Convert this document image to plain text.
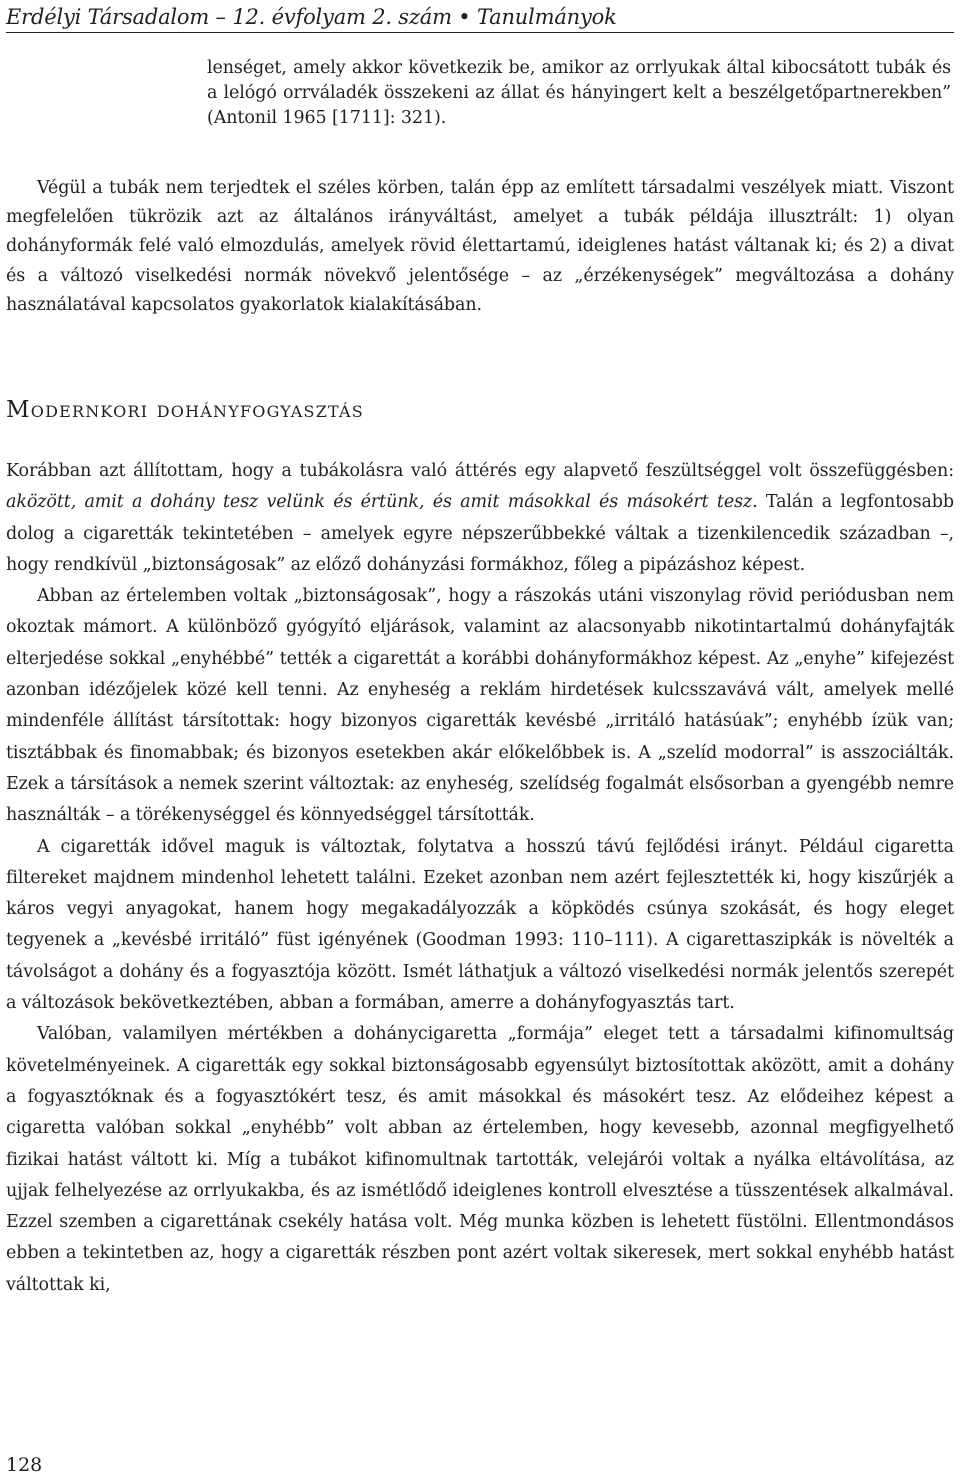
Erdélyi Társadalom – 12. évfolyam 2. szám • Tanulmányok

lenséget, amely akkor következik be, amikor az orrlyukak által kibocsátott tubák és a lelógó orrváladék összekeni az állat és hányingert kelt a beszélgetőpartnerekben” (Antonil 1965 [1711]: 321).

Végül a tubák nem terjedtek el széles körben, talán épp az említett társadalmi veszélyek miatt. Viszont megfelelően tükrözik azt az általános irányváltást, amelyet a tubák példája illusztrált: 1) olyan dohányformák felé való elmozdulás, amelyek rövid élettartamú, ideiglenes hatást váltanak ki; és 2) a divat és a változó viselkedési normák növekvő jelentősége – az „érzékenységek” megváltozása a dohány használatával kapcsolatos gyakorlatok kialakításában.

Modernkori dohányfogyasztás

Korábban azt állítottam, hogy a tubákolásra való áttérés egy alapvető feszültséggel volt összefüggésben: aközött, amit a dohány tesz velünk és értünk, és amit másokkal és másokért tesz. Talán a legfontosabb dolog a cigaretták tekintetében – amelyek egyre népszerűbbekké váltak a tizenkilencedik században –, hogy rendkívül „biztonságosak” az előző dohányzási formákhoz, főleg a pipázáshoz képest.

Abban az értelemben voltak „biztonságosak”, hogy a rászokás utáni viszonylag rövid periódusban nem okoztak mámort. A különböző gyógyító eljárások, valamint az alacsonyabb nikotintartalmú dohányfajták elterjedése sokkal „enyhébbé” tették a cigarettát a korábbi dohányformákhoz képest. Az „enyhe” kifejezést azonban idézőjelek közé kell tenni. Az enyheség a reklám hirdetések kulcsszavává vált, amelyek mellé mindenféle állítást társítottak: hogy bizonyos cigaretták kevésbé „irritáló hatásúak”; enyhébb ízük van; tisztábbak és finomabbak; és bizonyos esetekben akár előkelőbbek is. A „szelíd modorral” is asszociálták. Ezek a társítások a nemek szerint változtak: az enyheség, szelídség fogalmát elsősorban a gyengébb nemre használták – a törékenységgel és könnyedséggel társították.

A cigaretták idővel maguk is változtak, folytatva a hosszú távú fejlődési irányt. Például cigaretta filtereket majdnem mindenhol lehetett találni. Ezeket azonban nem azért fejlesztették ki, hogy kiszűrjék a káros vegyi anyagokat, hanem hogy megakadályozzák a köpködés csúnya szokását, és hogy eleget tegyenek a „kevésbé irritáló” füst igényének (Goodman 1993: 110–111). A cigarettaszipkák is növelték a távolságot a dohány és a fogyasztója között. Ismét láthatjuk a változó viselkedési normák jelentős szerepét a változások bekövetkeztében, abban a formában, amerre a dohányfogyasztás tart.

Valóban, valamilyen mértékben a dohánycigaretta „formája” eleget tett a társadalmi kifinomultság követelményeinek. A cigaretták egy sokkal biztonságosabb egyensúlyt biztosítottak aközött, amit a dohány a fogyasztóknak és a fogyasztókért tesz, és amit másokkal és másokért tesz. Az elődeihez képest a cigaretta valóban sokkal „enyhébb” volt abban az értelemben, hogy kevesebb, azonnal megfigyelhető fizikai hatást váltott ki. Míg a tubákot kifinomultnak tartották, velejárói voltak a nyálka eltávolítása, az ujjak felhelyezése az orrlyukakba, és az ismétlődő ideiglenes kontroll elvesztése a tüsszentések alkalmával. Ezzel szemben a cigarettának csekély hatása volt. Még munka közben is lehetett füstölni. Ellentmondásos ebben a tekintetben az, hogy a cigaretták részben pont azért voltak sikeresek, mert sokkal enyhébb hatást váltottak ki,

128
